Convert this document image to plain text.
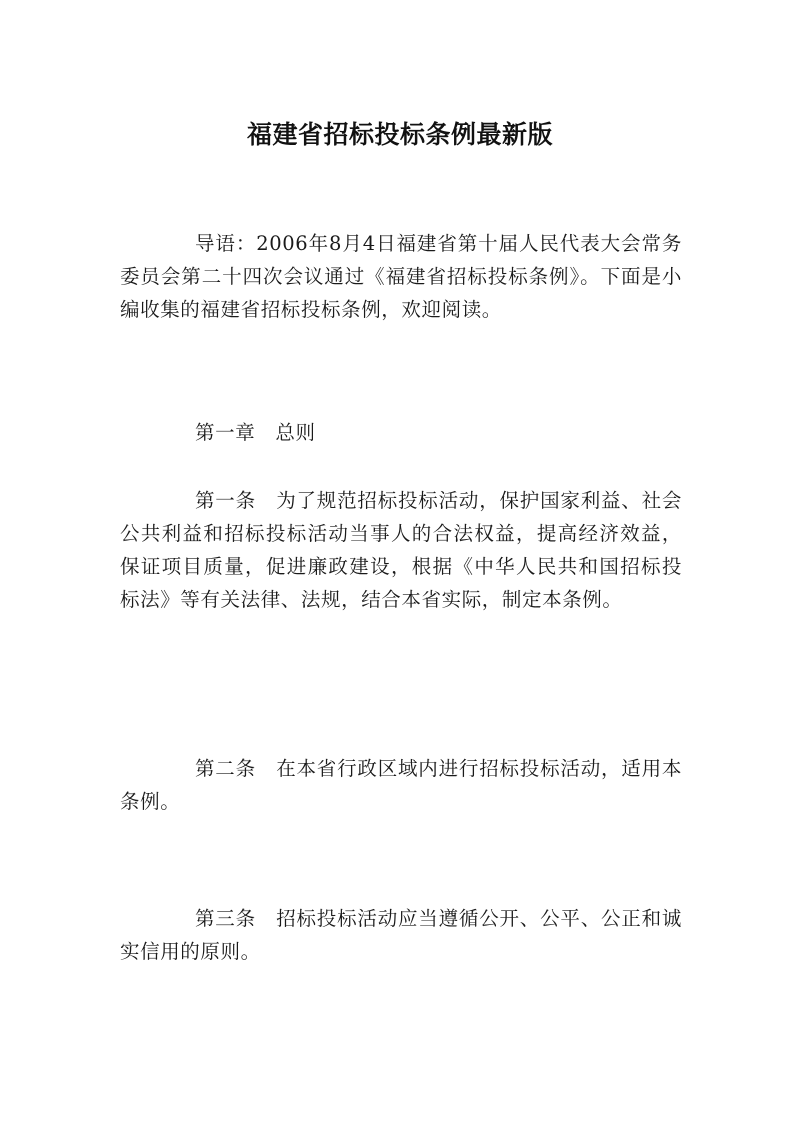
福建省招标投标条例最新版

导语：2006年8月4日福建省第十届人民代表大会常务委员会第二十四次会议通过《福建省招标投标条例》。下面是小编收集的福建省招标投标条例，欢迎阅读。

第一章　总则

第一条　为了规范招标投标活动，保护国家利益、社会公共利益和招标投标活动当事人的合法权益，提高经济效益，保证项目质量，促进廉政建设，根据《中华人民共和国招标投标法》等有关法律、法规，结合本省实际，制定本条例。

第二条　在本省行政区域内进行招标投标活动，适用本条例。

第三条　招标投标活动应当遵循公开、公平、公正和诚实信用的原则。
